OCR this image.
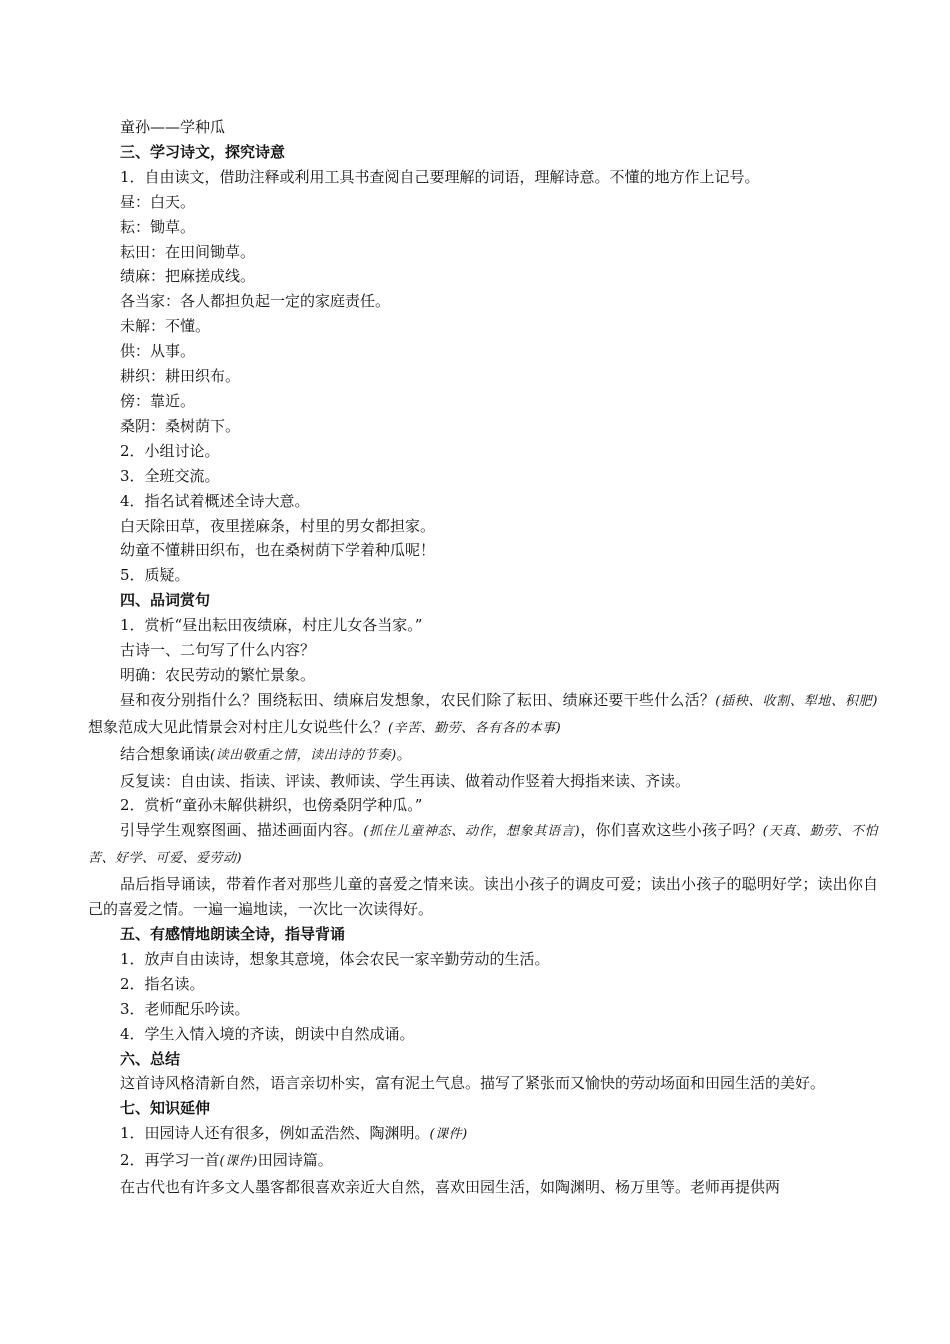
童孙——学种瓜

三、学习诗文，探究诗意

1．自由读文，借助注释或利用工具书查阅自己要理解的词语，理解诗意。不懂的地方作上记号。

昼：白天。

耘：锄草。

耘田：在田间锄草。

绩麻：把麻搓成线。

各当家：各人都担负起一定的家庭责任。

未解：不懂。

供：从事。

耕织：耕田织布。

傍：靠近。

桑阴：桑树荫下。

2．小组讨论。

3．全班交流。

4．指名试着概述全诗大意。

白天除田草，夜里搓麻条，村里的男女都担家。

幼童不懂耕田织布，也在桑树荫下学着种瓜呢！

5．质疑。

四、品词赏句

1．赏析“昼出耘田夜绩麻，村庄儿女各当家。”

古诗一、二句写了什么内容？

明确：农民劳动的繁忙景象。

昼和夜分别指什么？围绕耘田、绩麻启发想象，农民们除了耘田、绩麻还要干些什么活？(插秧、收割、犁地、积肥)想象范成大见此情景会对村庄儿女说些什么？(辛苦、勤劳、各有各的本事)

结合想象诵读(读出敬重之情，读出诗的节奏)。

反复读：自由读、指读、评读、教师读、学生再读、做着动作竖着大拇指来读、齐读。

2．赏析“童孙未解供耕织，也傍桑阴学种瓜。”

引导学生观察图画、描述画面内容。(抓住儿童神态、动作，想象其语言)，你们喜欢这些小孩子吗？(天真、勤劳、不怕苦、好学、可爱、爱劳动)

品后指导诵读，带着作者对那些儿童的喜爱之情来读。读出小孩子的调皮可爱；读出小孩子的聪明好学；读出你自己的喜爱之情。一遍一遍地读，一次比一次读得好。

五、有感情地朗读全诗，指导背诵

1．放声自由读诗，想象其意境，体会农民一家辛勤劳动的生活。

2．指名读。

3．老师配乐吟读。

4．学生入情入境的齐读，朗读中自然成诵。

六、总结

这首诗风格清新自然，语言亲切朴实，富有泥土气息。描写了紧张而又愉快的劳动场面和田园生活的美好。

七、知识延伸

1．田园诗人还有很多，例如孟浩然、陶渊明。(课件)

2．再学习一首(课件)田园诗篇。

在古代也有许多文人墨客都很喜欢亲近大自然，喜欢田园生活，如陶渊明、杨万里等。老师再提供两
